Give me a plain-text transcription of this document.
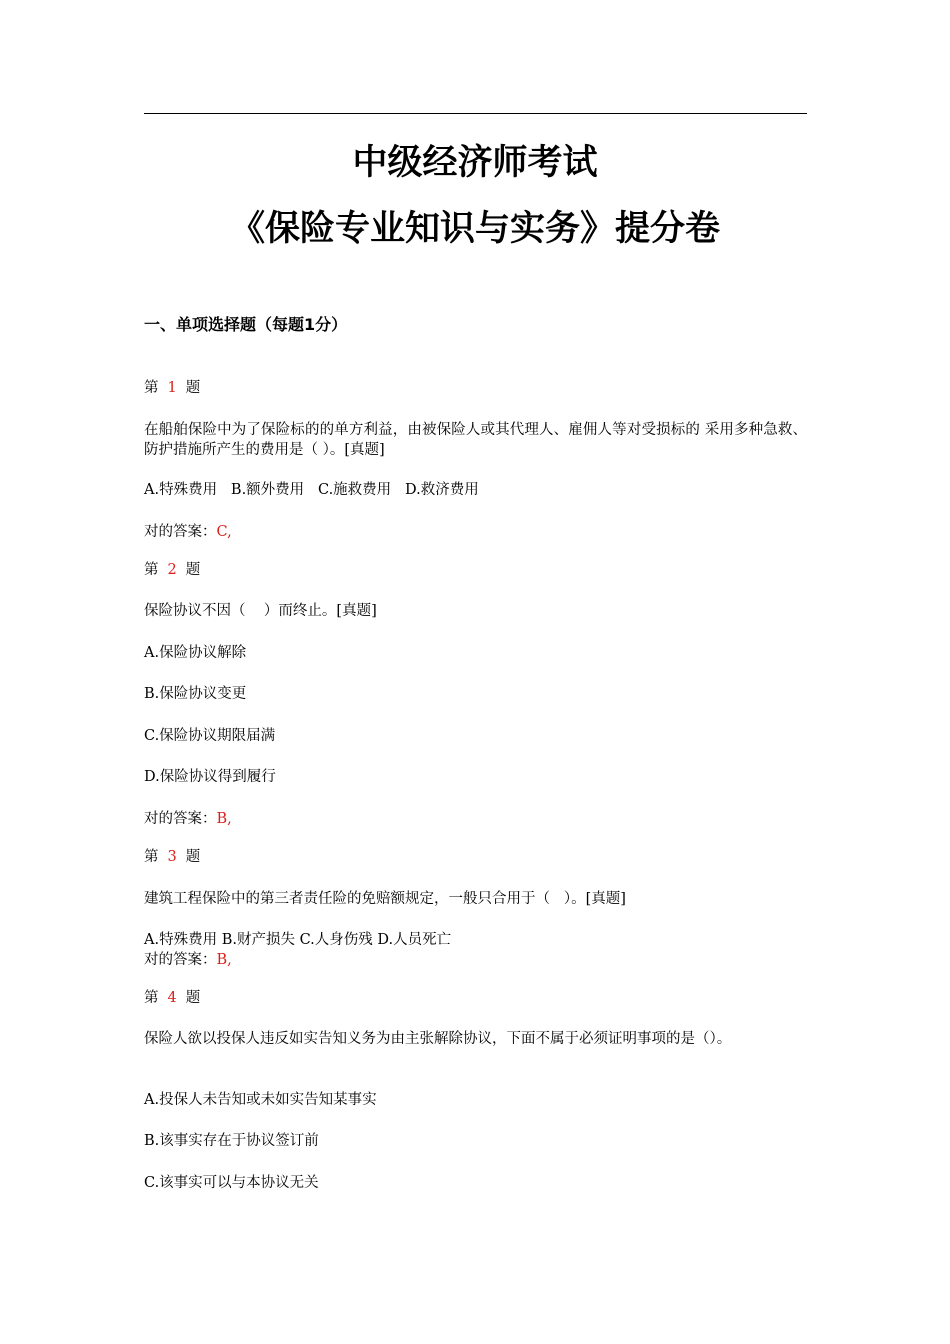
中级经济师考试
《保险专业知识与实务》提分卷
一、单项选择题（每题1分）
第 1 题
在船舶保险中为了保险标的的单方利益，由被保险人或其代理人、雇佣人等对受损标的 采用多种急救、防护措施所产生的费用是（ ）。[真题]
A.特殊费用   B.额外费用   C.施救费用   D.救济费用
对的答案：C,
第 2 题
保险协议不因（    ）而终止。[真题]
A.保险协议解除
B.保险协议变更
C.保险协议期限届满
D.保险协议得到履行
对的答案：B,
第 3 题
建筑工程保险中的第三者责任险的免赔额规定，一般只合用于（   ）。[真题]
A.特殊费用 B.财产损失 C.人身伤残 D.人员死亡
对的答案：B,
第 4 题
保险人欲以投保人违反如实告知义务为由主张解除协议，下面不属于必须证明事项的是（）。
A.投保人未告知或未如实告知某事实
B.该事实存在于协议签订前
C.该事实可以与本协议无关
